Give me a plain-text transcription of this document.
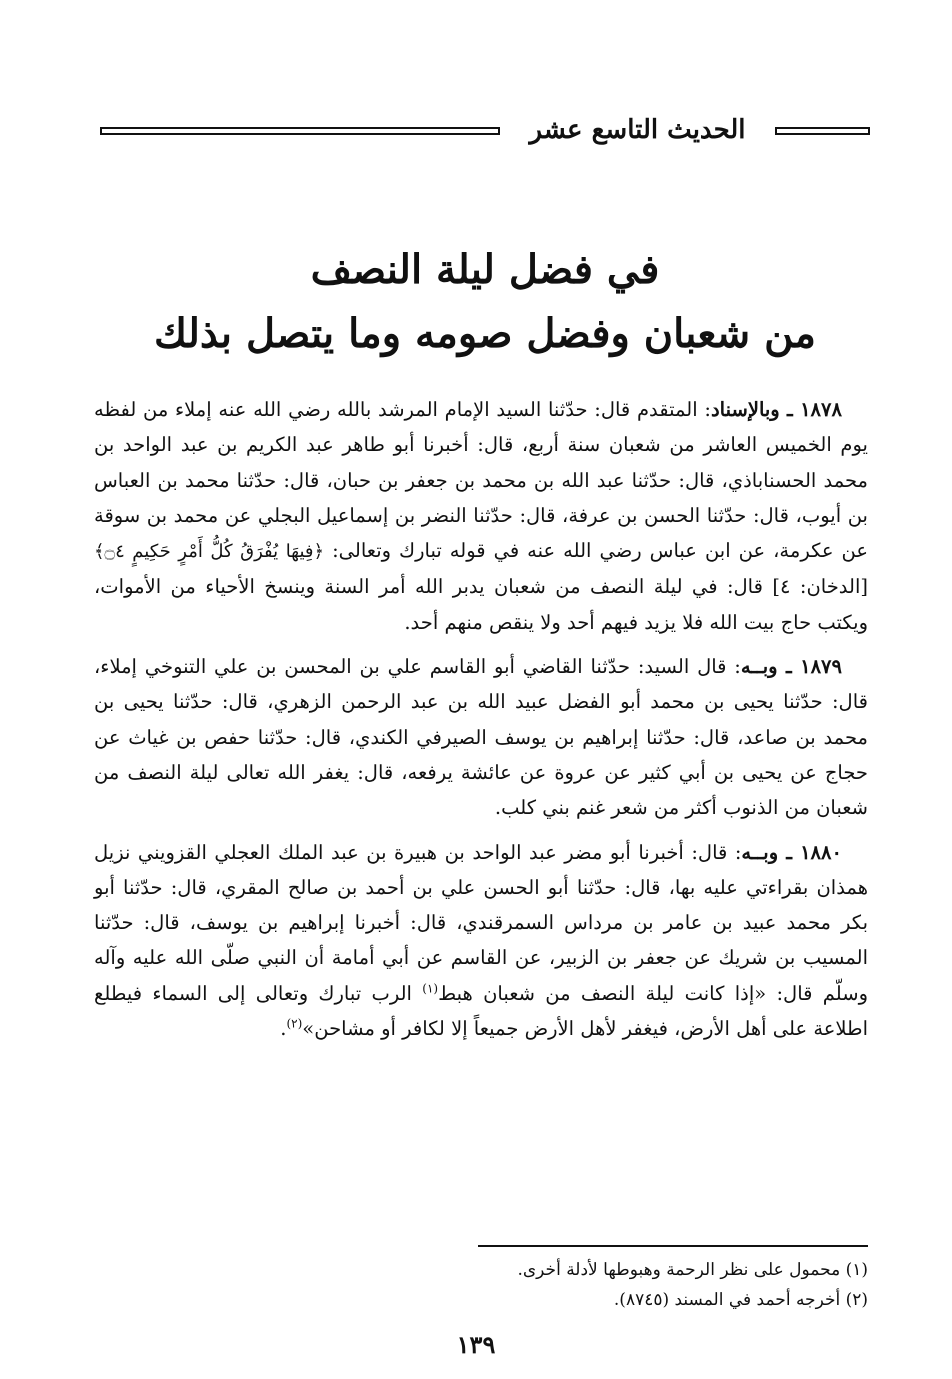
الحديث التاسع عشر
في فضل ليلة النصف
من شعبان وفضل صومه وما يتصل بذلك

١٨٧٨ ـ وبالإسناد: المتقدم قال: حدّثنا السيد الإمام المرشد بالله رضي الله عنه إملاء من لفظه يوم الخميس العاشر من شعبان سنة أربع، قال: أخبرنا أبو طاهر عبد الكريم بن عبد الواحد بن محمد الحسناباذي، قال: حدّثنا عبد الله بن محمد بن جعفر بن حبان، قال: حدّثنا محمد بن العباس بن أيوب، قال: حدّثنا الحسن بن عرفة، قال: حدّثنا النضر بن إسماعيل البجلي عن محمد بن سوقة عن عكرمة، عن ابن عباس رضي الله عنه في قوله تبارك وتعالى: ﴿فِيهَا يُفْرَقُ كُلُّ أَمْرٍ حَكِيمٍ ۝٤﴾ [الدخان: ٤] قال: في ليلة النصف من شعبان يدبر الله أمر السنة وينسخ الأحياء من الأموات، ويكتب حاج بيت الله فلا يزيد فيهم أحد ولا ينقص منهم أحد.

١٨٧٩ ـ وبــه: قال السيد: حدّثنا القاضي أبو القاسم علي بن المحسن بن علي التنوخي إملاء، قال: حدّثنا يحيى بن محمد أبو الفضل عبيد الله بن عبد الرحمن الزهري، قال: حدّثنا يحيى بن محمد بن صاعد، قال: حدّثنا إبراهيم بن يوسف الصيرفي الكندي، قال: حدّثنا حفص بن غياث عن حجاج عن يحيى بن أبي كثير عن عروة عن عائشة يرفعه، قال: يغفر الله تعالى ليلة النصف من شعبان من الذنوب أكثر من شعر غنم بني كلب.

١٨٨٠ ـ وبــه: قال: أخبرنا أبو مضر عبد الواحد بن هبيرة بن عبد الملك العجلي القزويني نزيل همذان بقراءتي عليه بها، قال: حدّثنا أبو الحسن علي بن أحمد بن صالح المقري، قال: حدّثنا أبو بكر محمد عبيد بن عامر بن مرداس السمرقندي، قال: أخبرنا إبراهيم بن يوسف، قال: حدّثنا المسيب بن شريك عن جعفر بن الزبير، عن القاسم عن أبي أمامة أن النبي صلّى الله عليه وآله وسلّم قال: «إذا كانت ليلة النصف من شعبان هبط$^{(١)}$ الرب تبارك وتعالى إلى السماء فيطلع اطلاعة على أهل الأرض، فيغفر لأهل الأرض جميعاً إلا لكافر أو مشاحن»$^{(٢)}$.

(١) محمول على نظر الرحمة وهبوطها لأدلة أخرى.
(٢) أخرجه أحمد في المسند (٨٧٤٥).
١٣٩
